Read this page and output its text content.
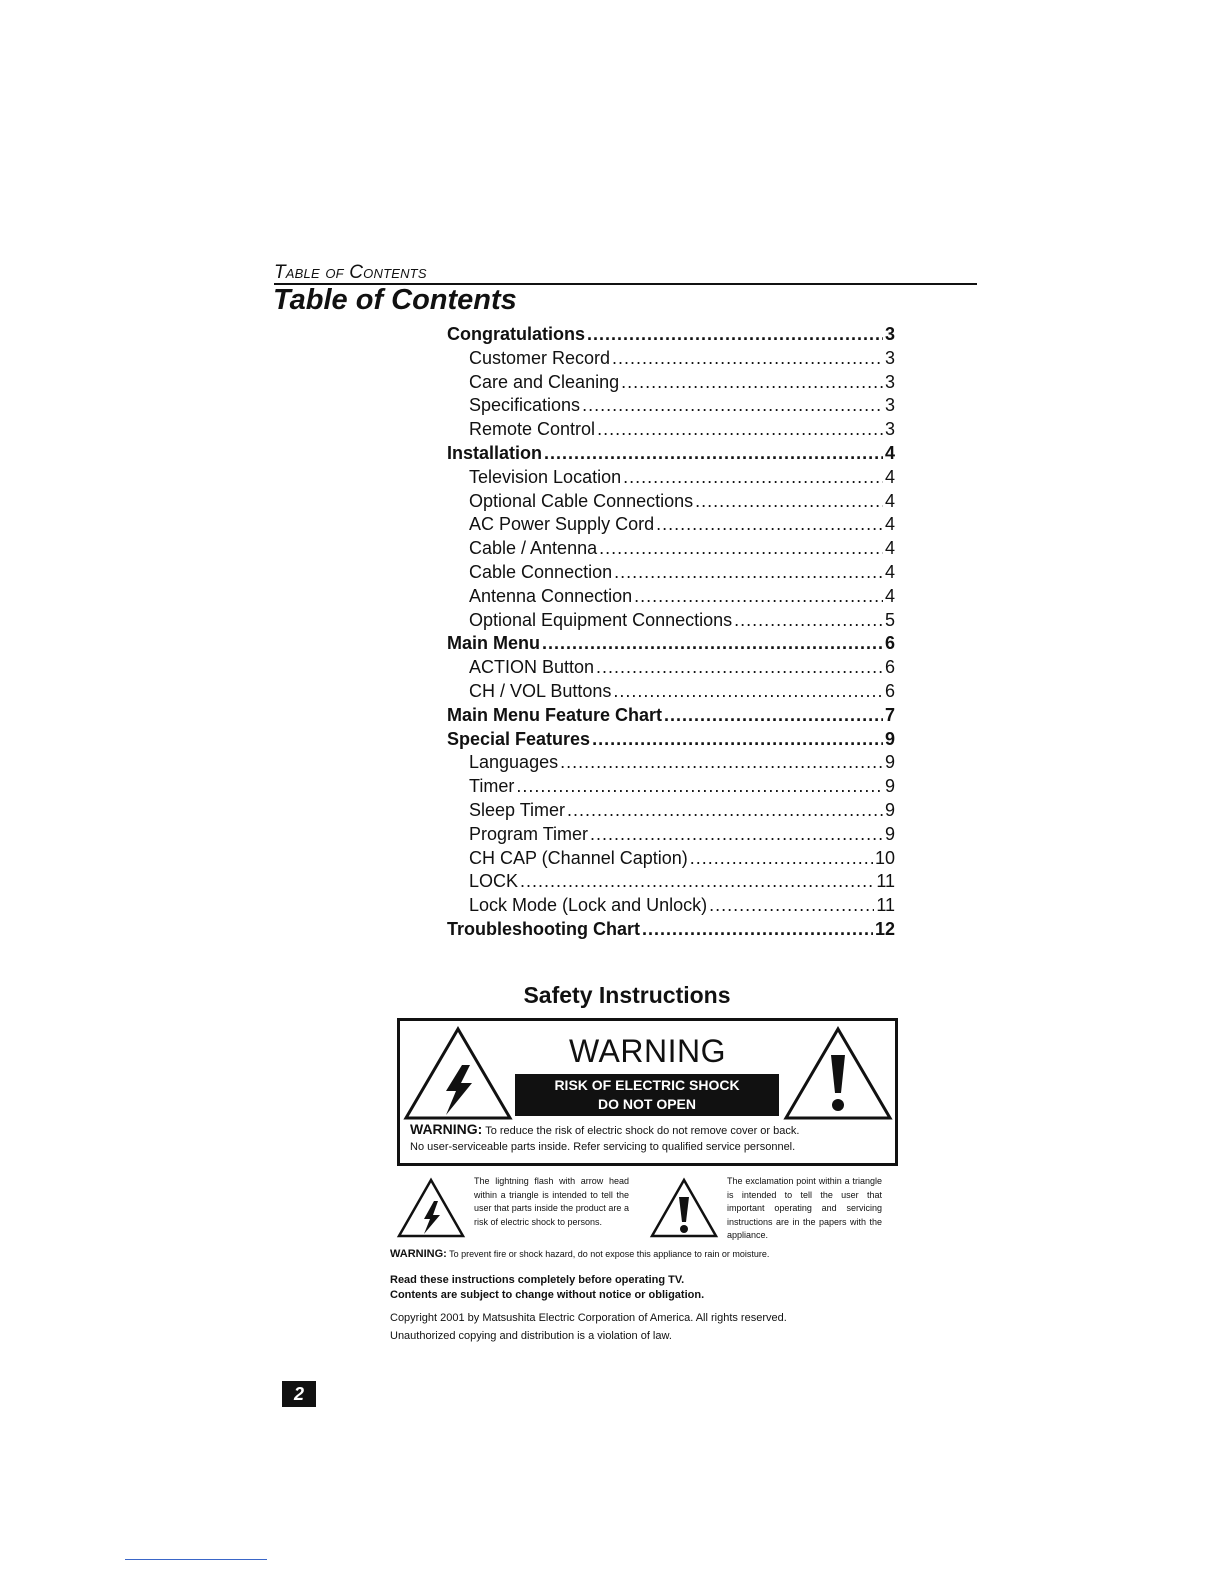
Table of Contents
Table of Contents
Congratulations .....	3
Customer Record .....	3
Care and Cleaning .....	3
Specifications .....	3
Remote Control .....	3
Installation .....	4
Television Location .....	4
Optional Cable Connections .....	4
AC Power Supply Cord .....	4
Cable / Antenna .....	4
Cable Connection .....	4
Antenna Connection .....	4
Optional Equipment Connections .....	5
Main Menu .....	6
ACTION Button .....	6
CH / VOL Buttons .....	6
Main Menu Feature Chart .....	7
Special Features .....	9
Languages .....	9
Timer .....	9
Sleep Timer .....	9
Program Timer .....	9
CH CAP (Channel Caption) .....	10
LOCK .....	11
Lock Mode (Lock and Unlock) .....	11
Troubleshooting Chart .....	12
Safety Instructions
WARNING
RISK OF ELECTRIC SHOCK
DO NOT OPEN
WARNING: To reduce the risk of electric shock do not remove cover or back.
No user-serviceable parts inside. Refer servicing to qualified service personnel.
The lightning flash with arrow head within a triangle is intended to tell the user that parts inside the product are a risk of electric shock to persons.
The exclamation point within a triangle is intended to tell the user that important operating and servicing instructions are in the papers with the appliance.
WARNING: To prevent fire or shock hazard, do not expose this appliance to rain or moisture.
Read these instructions completely before operating TV.
Contents are subject to change without notice or obligation.
Copyright 2001 by Matsushita Electric Corporation of America. All rights reserved.
Unauthorized copying and distribution is a violation of law.
2
